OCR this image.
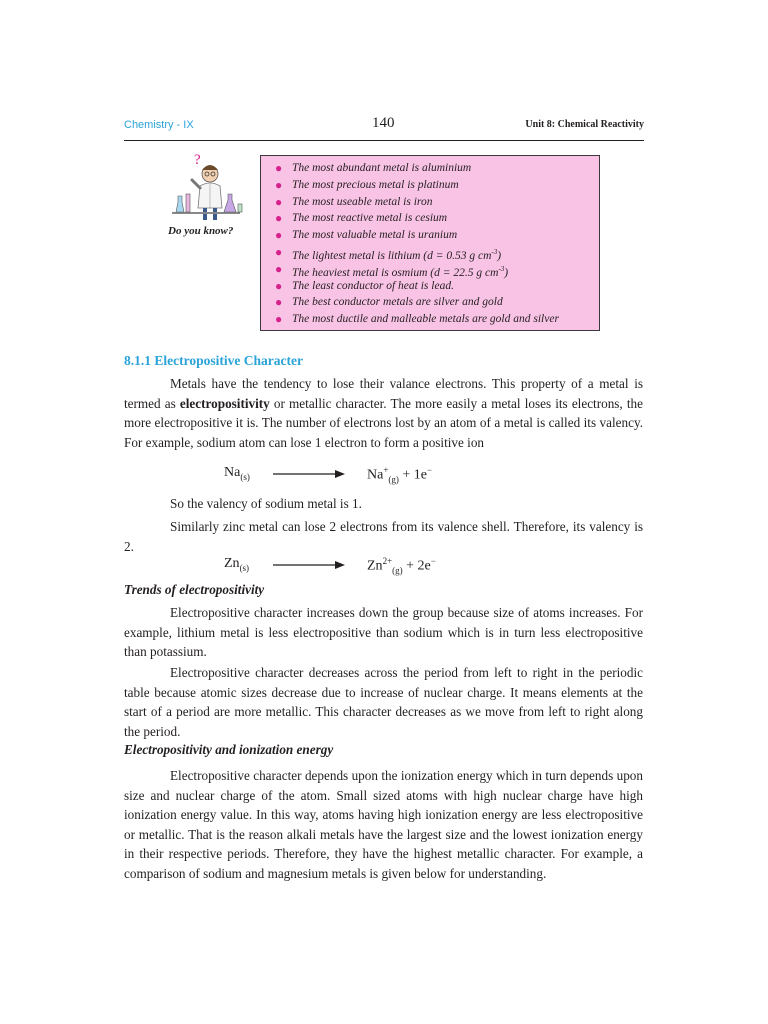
Chemistry - IX	140	Unit 8: Chemical Reactivity
?
Do you know?
● The most abundant metal is aluminium
● The most precious metal is platinum
● The most useable metal is iron
● The most reactive metal is cesium
● The most valuable metal is uranium
● The lightest metal is lithium (d = 0.53 g $cm^{-3}$)
● The heaviest metal is osmium (d = 22.5 g $cm^{-3}$)
● The least conductor of heat is lead.
● The best conductor metals are silver and gold
● The most ductile and malleable metals are gold and silver
8.1.1 Electropositive Character

Metals have the tendency to lose their valance electrons. This property of a metal is termed as electropositivity or metallic character. The more easily a metal loses its electrons, the more electropositive it is. The number of electrons lost by an atom of a metal is called its valency. For example, sodium atom can lose 1 electron to form a positive ion

$Na_{(s)}$	$Na^+_{(g)} + 1e^-$

So the valency of sodium metal is 1.

Similarly zinc metal can lose 2 electrons from its valence shell. Therefore, its valency is 2.

$Zn_{(s)}$	$Zn^{2+}_{(g)} + 2e^-$
Trends of electropositivity

Electropositive character increases down the group because size of atoms increases. For example, lithium metal is less electropositive than sodium which is in turn less electropositive than potassium.

Electropositive character decreases across the period from left to right in the periodic table because atomic sizes decrease due to increase of nuclear charge. It means elements at the start of a period are more metallic. This character decreases as we move from left to right along the period.

Electropositivity and ionization energy

Electropositive character depends upon the ionization energy which in turn depends upon size and nuclear charge of the atom. Small sized atoms with high nuclear charge have high ionization energy value. In this way, atoms having high ionization energy are less electropositive or metallic. That is the reason alkali metals have the largest size and the lowest ionization energy in their respective periods. Therefore, they have the highest metallic character. For example, a comparison of sodium and magnesium metals is given below for understanding.
